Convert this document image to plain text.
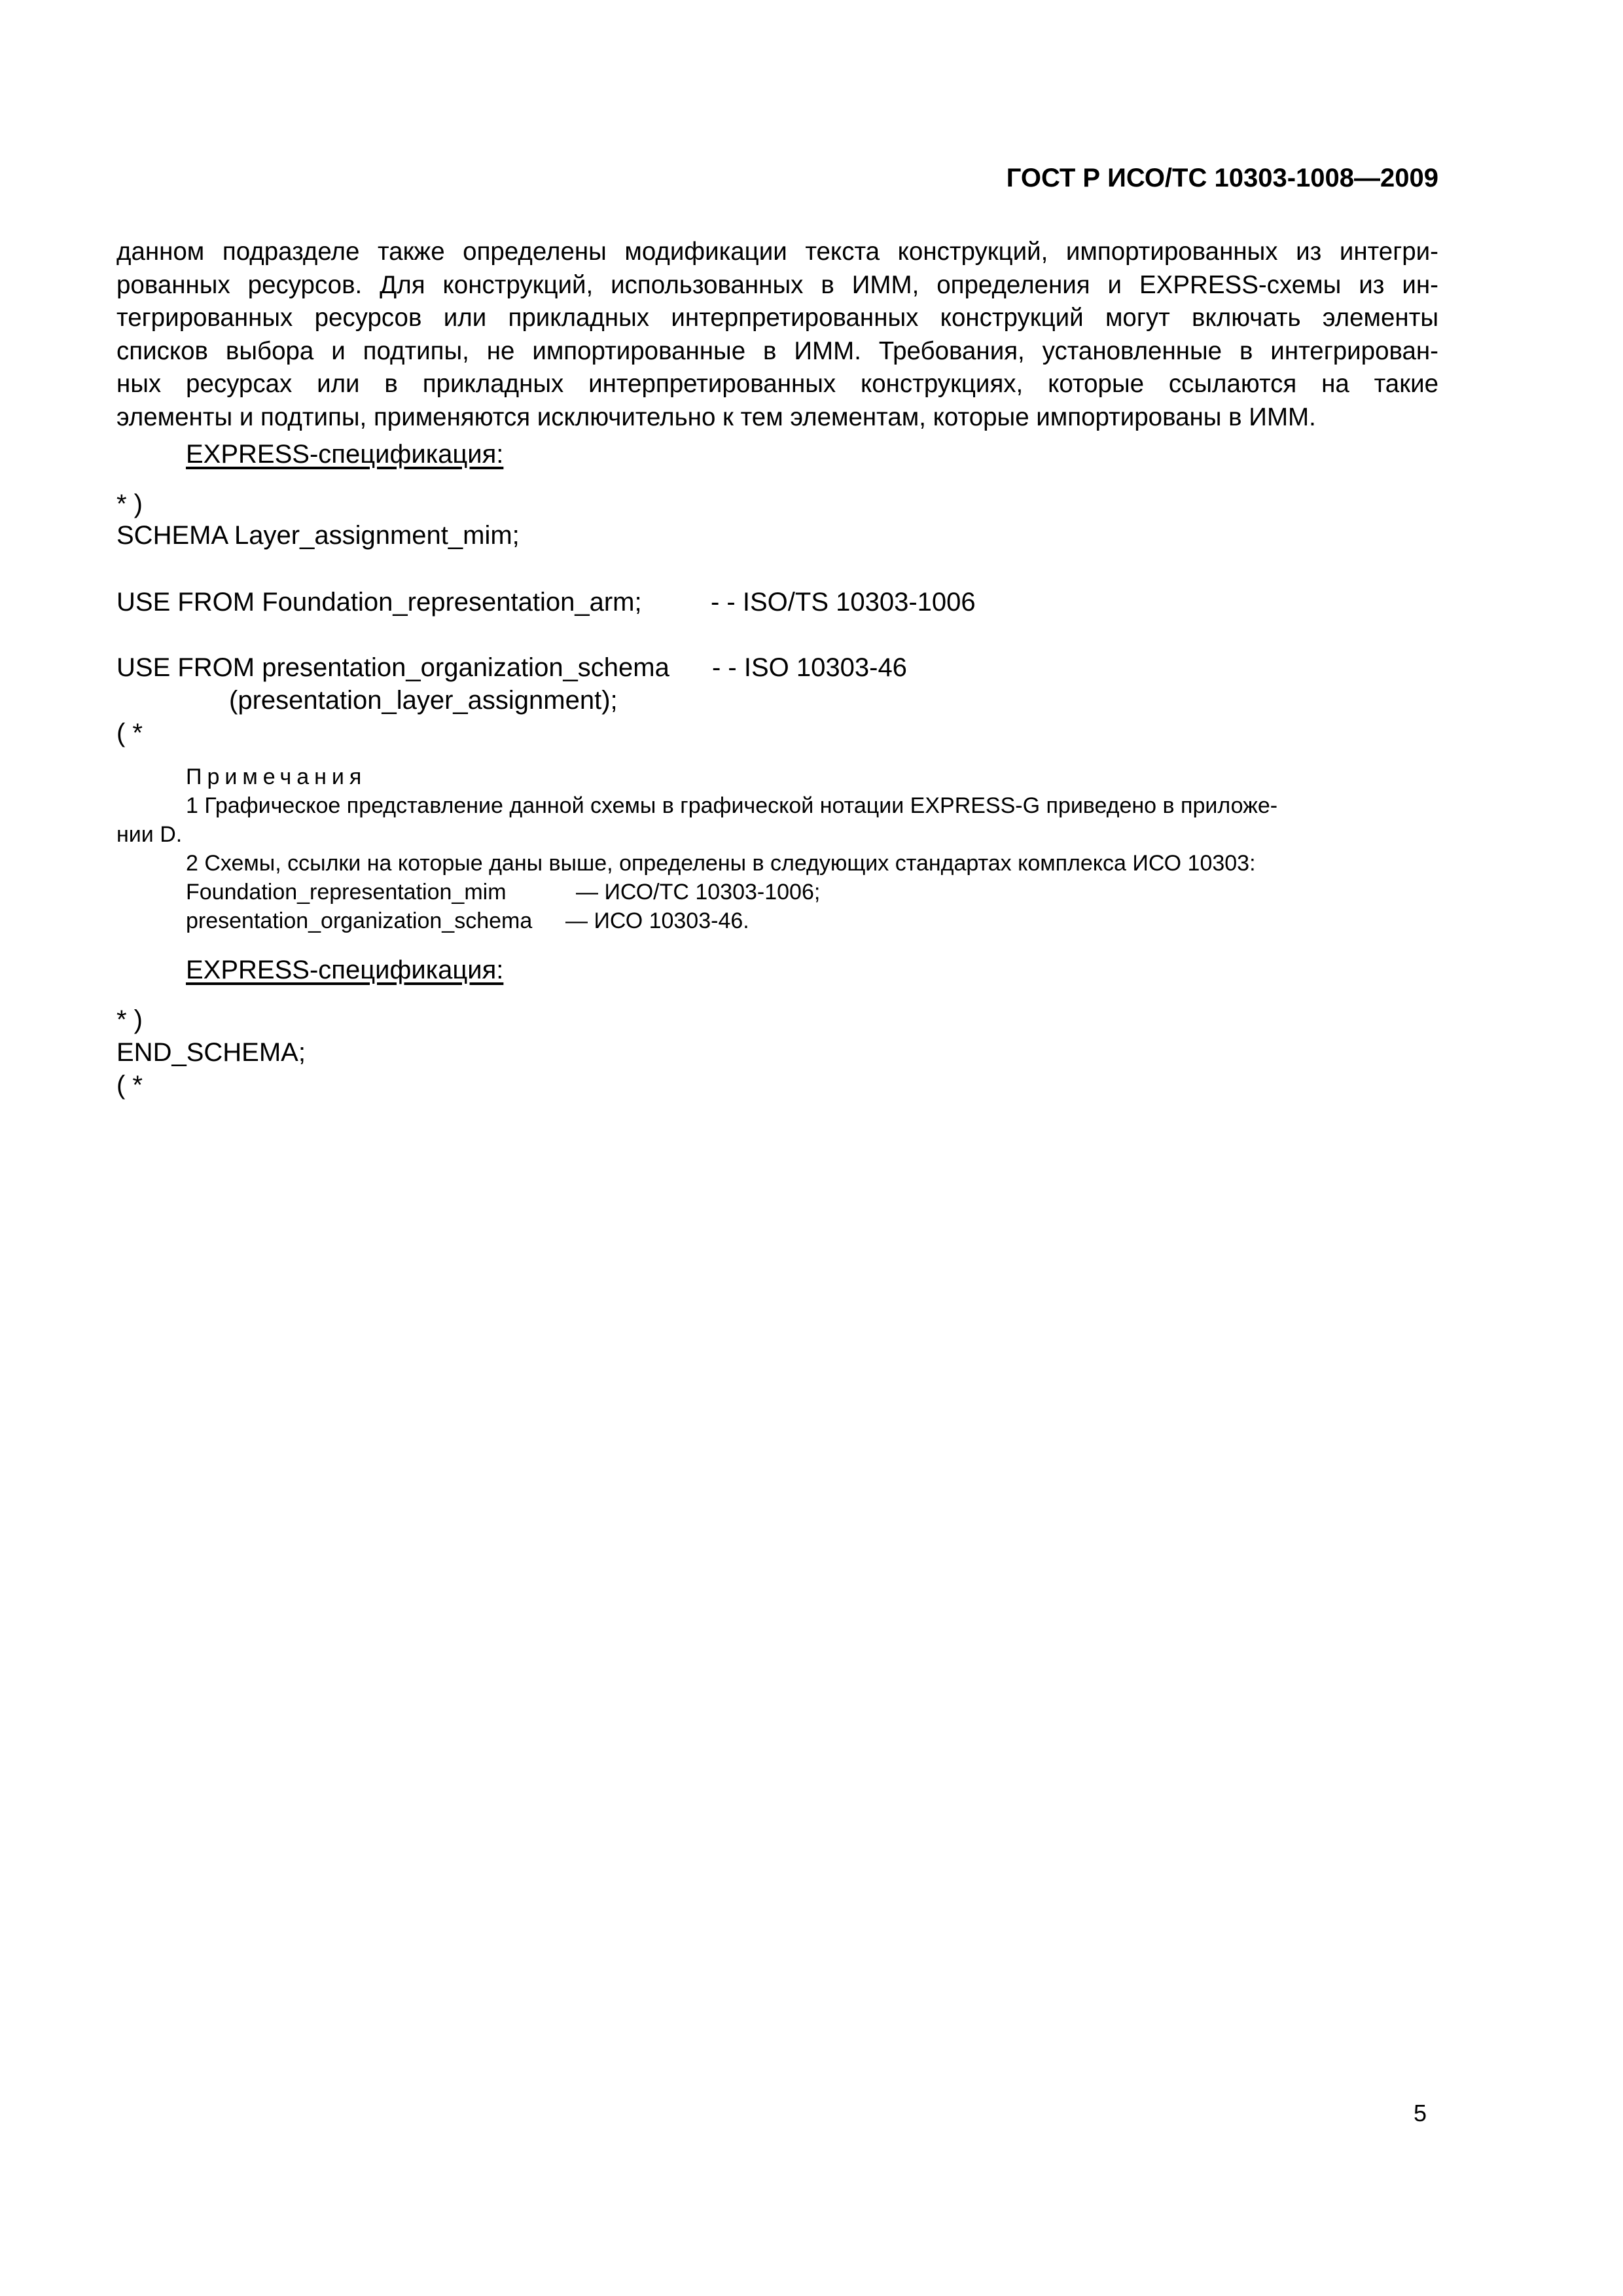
ГОСТ Р ИСО/ТС 10303-1008—2009
данном подразделе также определены модификации текста конструкций, импортированных из интегри-
рованных ресурсов. Для конструкций, использованных в ИММ, определения и EXPRESS-схемы из ин-
тегрированных ресурсов или прикладных интерпретированных конструкций могут включать элементы
списков выбора и подтипы, не импортированные в ИММ. Требования, установленные в интегрирован-
ных ресурсах или в прикладных интерпретированных конструкциях, которые ссылаются на такие
элементы и подтипы, применяются исключительно к тем элементам, которые импортированы в ИММ.
EXPRESS-спецификация:
* )
SCHEMA Layer_assignment_mim;
USE FROM Foundation_representation_arm;	- - ISO/TS 10303-1006
USE FROM presentation_organization_schema - - ISO 10303-46
(presentation_layer_assignment);
( *
Примечания
1 Графическое представление данной схемы в графической нотации EXPRESS-G приведено в приложе-
нии D.
2 Схемы, ссылки на которые даны выше, определены в следующих стандартах комплекса ИСО 10303:
Foundation_representation_mim	— ИСО/ТС 10303-1006;
presentation_organization_schema — ИСО 10303-46.
EXPRESS-спецификация:
* )
END_SCHEMA;
( *
5
